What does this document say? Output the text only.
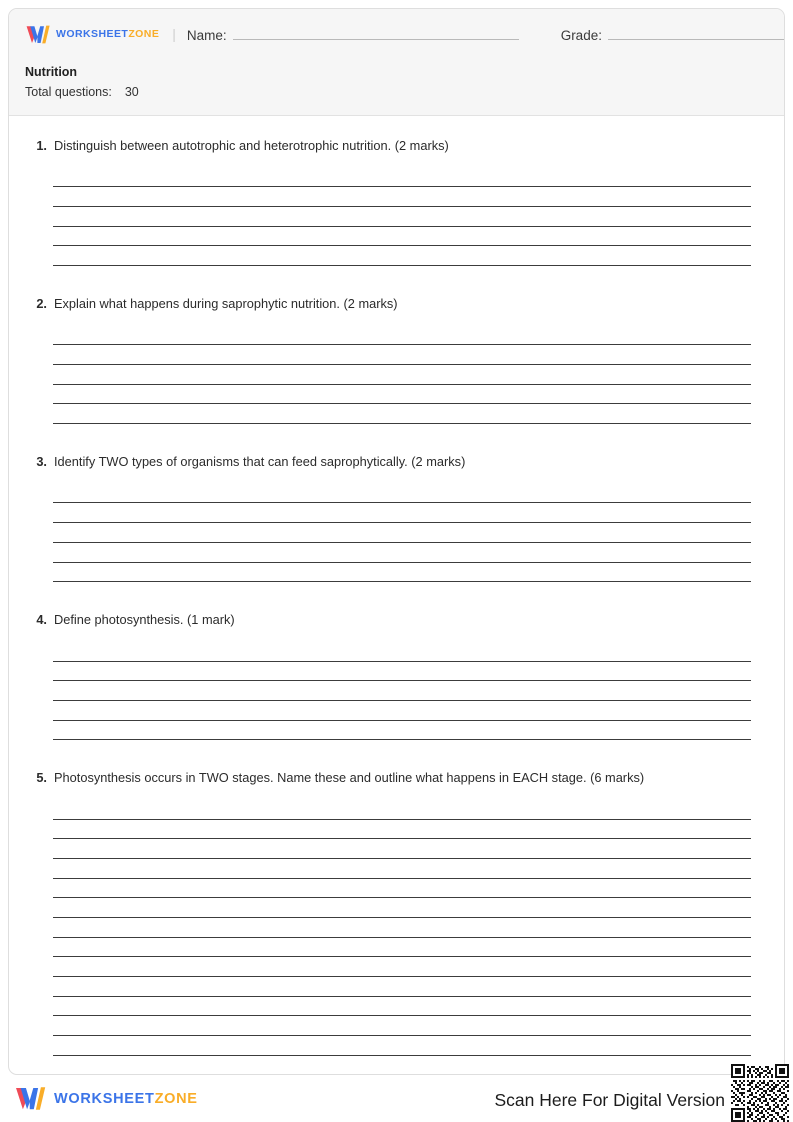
WORKSHEETZONE | Name:	Grade:
Nutrition
Total questions: 30
1. Distinguish between autotrophic and heterotrophic nutrition. (2 marks)
2. Explain what happens during saprophytic nutrition. (2 marks)
3. Identify TWO types of organisms that can feed saprophytically. (2 marks)
4. Define photosynthesis. (1 mark)
5. Photosynthesis occurs in TWO stages. Name these and outline what happens in EACH stage. (6 marks)
WORKSHEETZONE	Scan Here For Digital Version
